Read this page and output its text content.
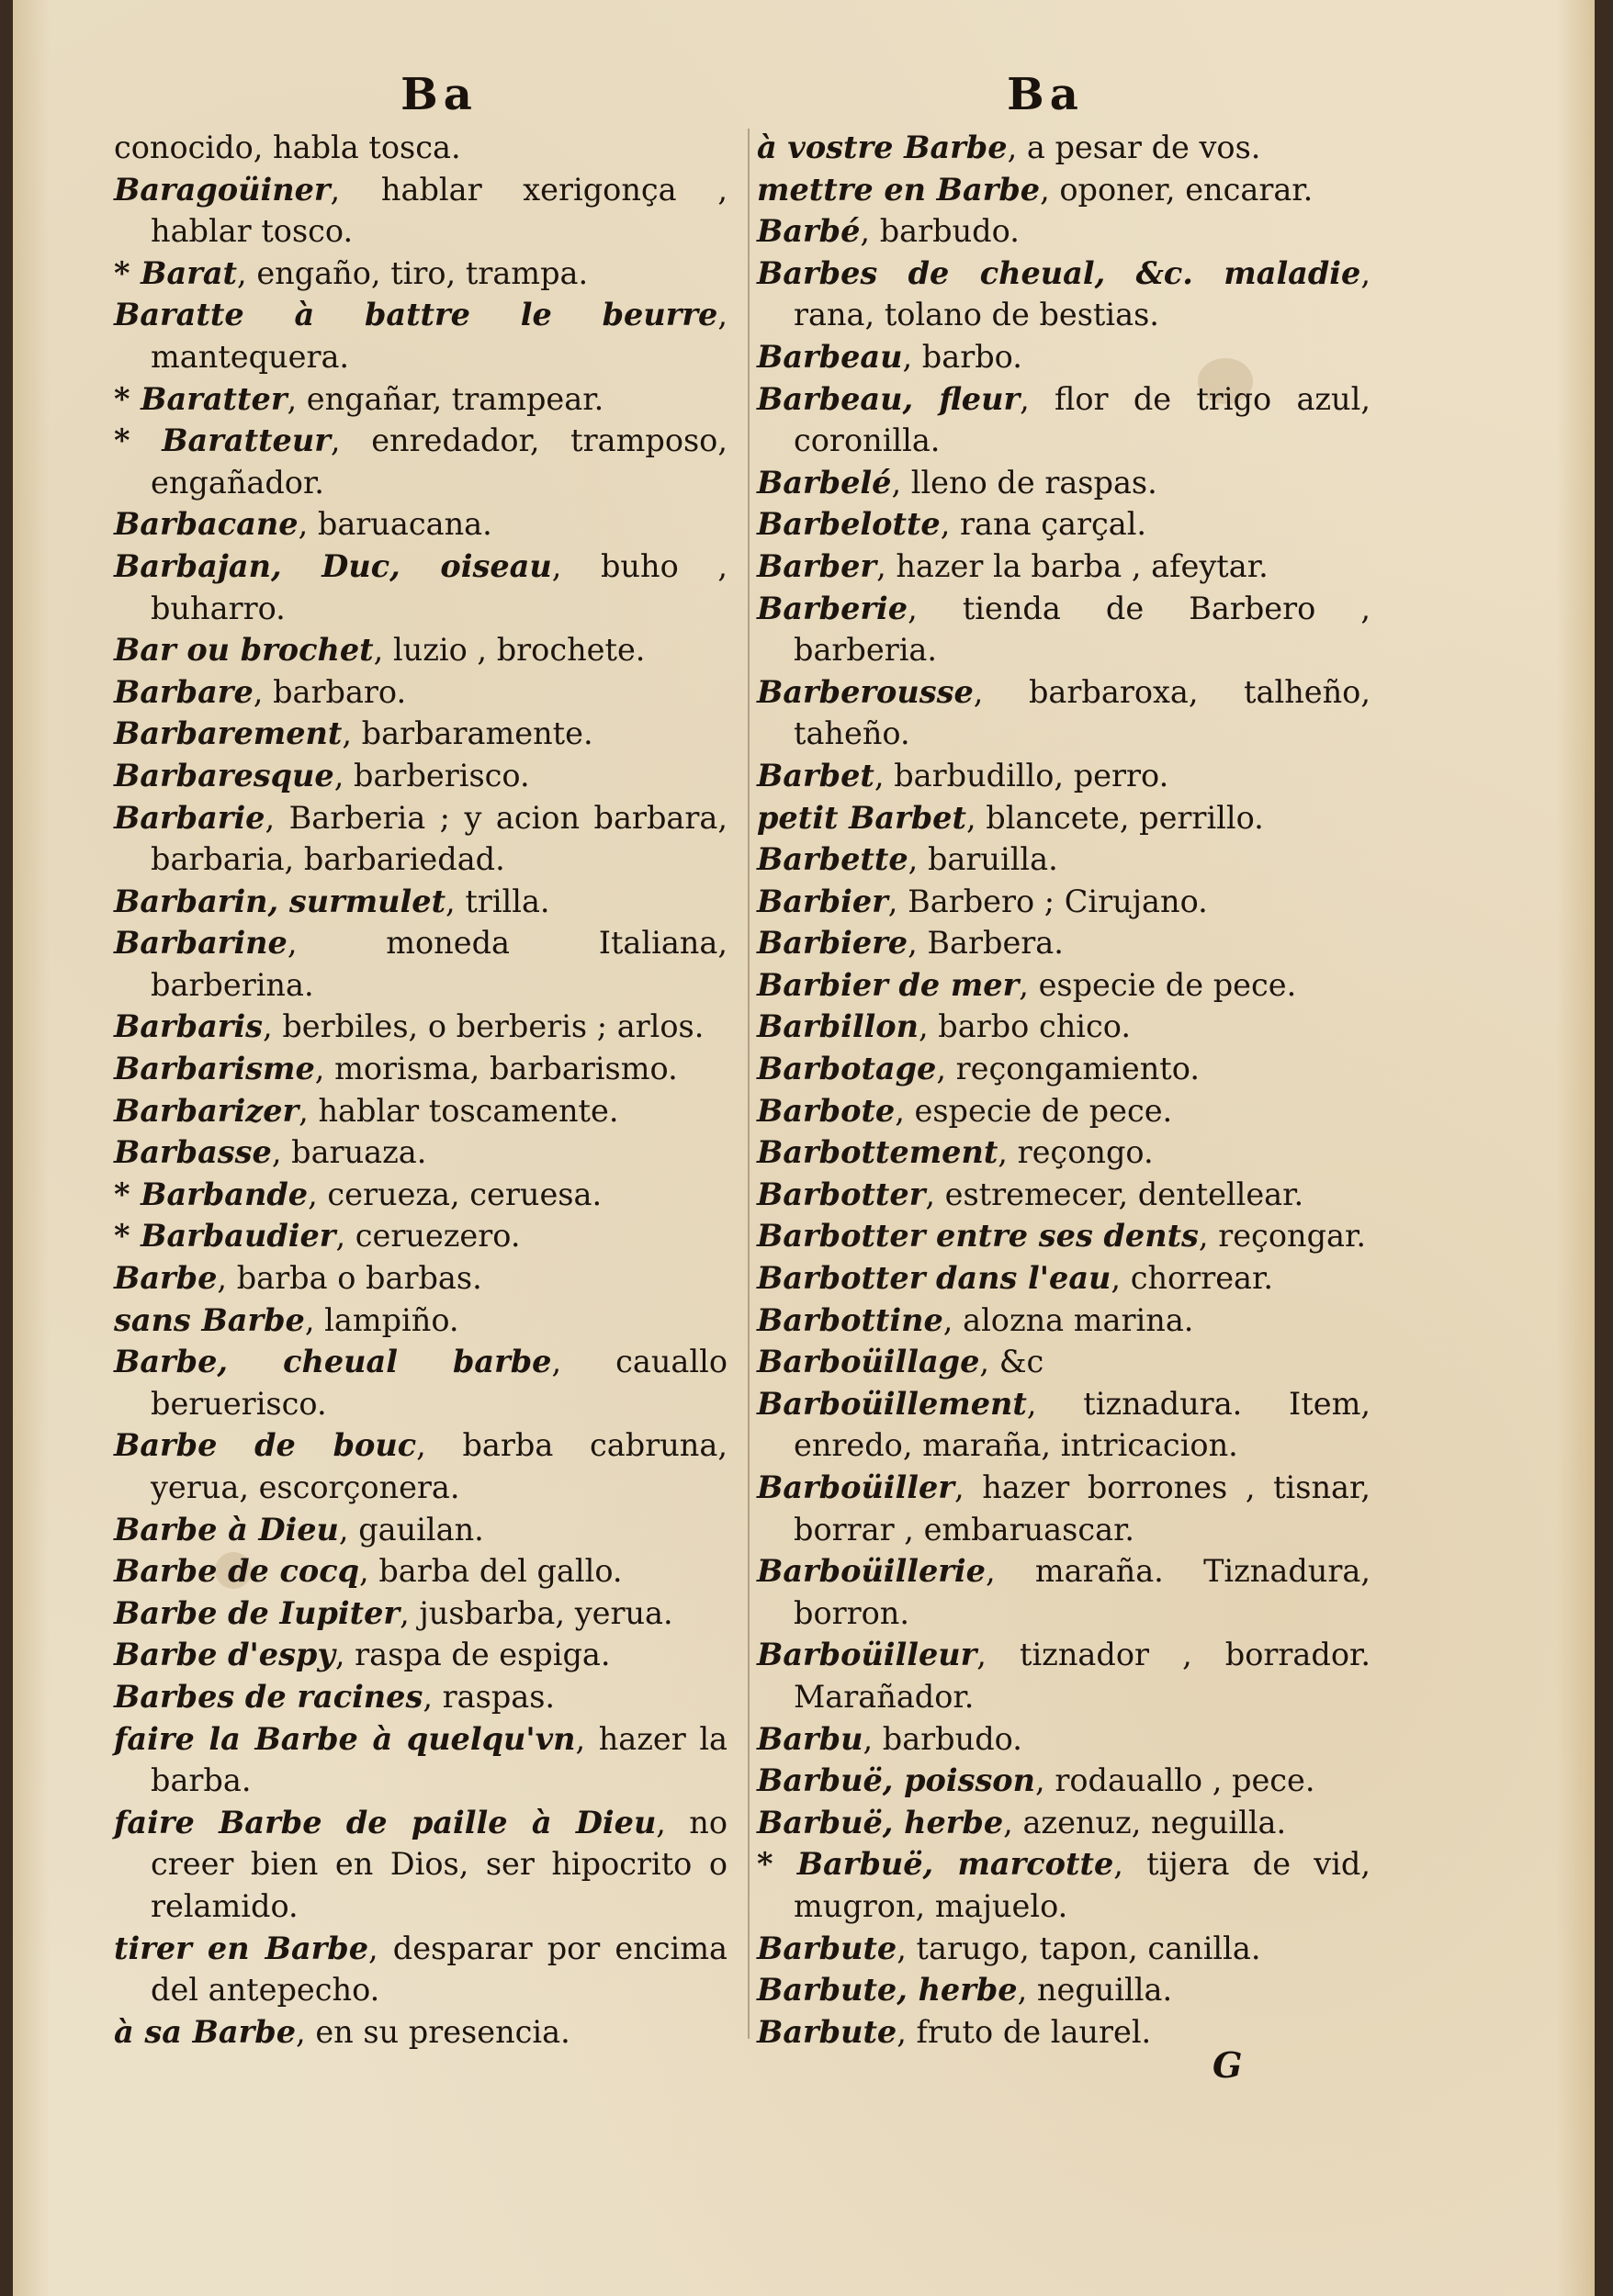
Ba
conocido, habla tosca.
Baragoüiner, hablar xerigonça , hablar tosco.
* Barat, engaño, tiro, trampa.
Baratte à battre le beurre, mantequera.
* Baratter, engañar, trampear.
* Baratteur, enredador, tramposo, engañador.
Barbacane, baruacana.
Barbajan, Duc, oiseau, buho , buharro.
Bar ou brochet, luzio , brochete.
Barbare, barbaro.
Barbarement, barbaramente.
Barbaresque, barberisco.
Barbarie, Barberia ; y acion barbara, barbaria, barbariedad.
Barbarin, surmulet, trilla.
Barbarine, moneda Italiana, barberina.
Barbaris, berbiles, o berberis ; arlos.
Barbarisme, morisma, barbarismo.
Barbarizer, hablar toscamente.
Barbasse, baruaza.
* Barbande, cerueza, ceruesa.
* Barbaudier, ceruezero.
Barbe, barba o barbas.
sans Barbe, lampiño.
Barbe, cheual barbe, cauallo beruerisco.
Barbe de bouc, barba cabruna, yerua, escorçonera.
Barbe à Dieu, gauilan.
Barbe de cocq, barba del gallo.
Barbe de Iupiter, jusbarba, yerua.
Barbe d'espy, raspa de espiga.
Barbes de racines, raspas.
faire la Barbe à quelqu'vn, hazer la barba.
faire Barbe de paille à Dieu, no creer bien en Dios, ser hipocrito o relamido.
tirer en Barbe, desparar por encima del antepecho.
à sa Barbe, en su presencia.
Ba
à vostre Barbe, a pesar de vos.
mettre en Barbe, oponer, encarar.
Barbé, barbudo.
Barbes de cheual, &c. maladie, rana, tolano de bestias.
Barbeau, barbo.
Barbeau, fleur, flor de trigo azul, coronilla.
Barbelé, lleno de raspas.
Barbelotte, rana çarçal.
Barber, hazer la barba , afeytar.
Barberie, tienda de Barbero , barberia.
Barberousse, barbaroxa, talheño, taheño.
Barbet, barbudillo, perro.
petit Barbet, blancete, perrillo.
Barbette, baruilla.
Barbier, Barbero ; Cirujano.
Barbiere, Barbera.
Barbier de mer, especie de pece.
Barbillon, barbo chico.
Barbotage, reçongamiento.
Barbote, especie de pece.
Barbottement, reçongo.
Barbotter, estremecer, dentellear.
Barbotter entre ses dents, reçongar.
Barbotter dans l'eau, chorrear.
Barbottine, alozna marina.
Barboüillage, &c
Barboüillement, tiznadura. Item, enredo, maraña, intricacion.
Barboüiller, hazer borrones , tisnar, borrar , embaruascar.
Barboüillerie, maraña. Tiznadura, borron.
Barboüilleur, tiznador , borrador. Marañador.
Barbu, barbudo.
Barbuë, poisson, rodauallo , pece.
Barbuë, herbe, azenuz, neguilla.
* Barbuë, marcotte, tijera de vid, mugron, majuelo.
Barbute, tarugo, tapon, canilla.
Barbute, herbe, neguilla.
Barbute, fruto de laurel.
G
